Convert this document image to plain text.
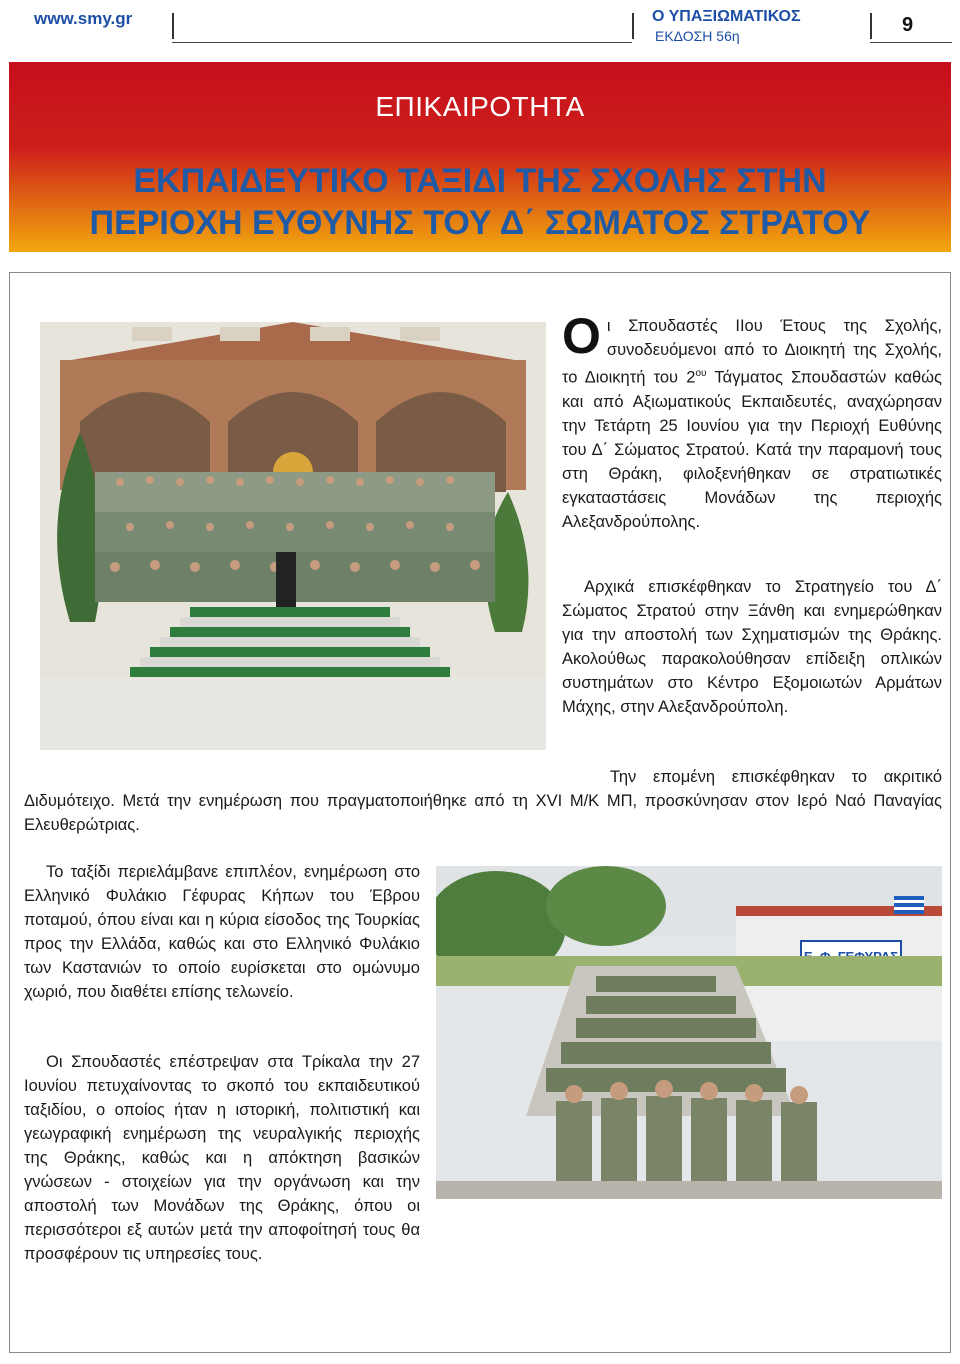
www.smy.gr	Ο ΥΠΑΞΙΩΜΑΤΙΚΟΣ
ΕΚΔΟΣΗ 56η	9
ΕΠΙΚΑΙΡΟΤΗΤΑ
ΕΚΠΑΙΔΕΥΤΙΚΟ ΤΑΞΙΔΙ ΤΗΣ ΣΧΟΛΗΣ ΣΤΗΝ
ΠΕΡΙΟΧΗ ΕΥΘΥΝΗΣ ΤΟΥ Δ΄ ΣΩΜΑΤΟΣ ΣΤΡΑΤΟΥ

Οι Σπουδαστές ΙΙου Έτους της Σχολής, συνοδευόμενοι από το Διοικητή της Σχολής, το Διοικητή του $2^{o\upsilon}$ Τάγματος Σπουδαστών καθώς και από Αξιωματικούς Εκπαιδευτές, αναχώρησαν την Τετάρτη 25 Ιουνίου για την Περιοχή Ευθύνης του Δ΄ Σώματος Στρατού. Κατά την παραμονή τους στη Θράκη, φιλοξενήθηκαν σε στρατιωτικές εγκαταστάσεις Μονάδων της περιοχής Αλεξανδρούπολης.

Αρχικά επισκέφθηκαν το Στρατηγείο του Δ΄ Σώματος Στρατού στην Ξάνθη και ενημερώθηκαν για την αποστολή των Σχηματισμών της Θράκης. Ακολούθως παρακολούθησαν επίδειξη οπλικών συστημάτων στο Κέντρο Εξομοιωτών Αρμάτων Μάχης, στην Αλεξανδρούπολη.
Την επομένη επισκέφθηκαν το ακριτικό Διδυμότειχο. Μετά την ενημέρωση που πραγματοποιήθηκε από τη XVI Μ/Κ ΜΠ, προσκύνησαν στον Ιερό Ναό Παναγίας Ελευθερώτριας.
Το ταξίδι περιελάμβανε επιπλέον, ενημέρωση στο Ελληνικό Φυλάκιο Γέφυρας Κήπων του Έβρου ποταμού, όπου είναι και η κύρια είσοδος της Τουρκίας προς την Ελλάδα, καθώς και στο Ελληνικό Φυλάκιο των Καστανιών το οποίο ευρίσκεται στο ομώνυμο χωριό, που διαθέτει επίσης τελωνείο.
Οι Σπουδαστές επέστρεψαν στα Τρίκαλα την 27 Ιουνίου πετυχαίνοντας το σκοπό του εκπαιδευτικού ταξιδίου, ο οποίος ήταν η ιστορική, πολιτιστική και γεωγραφική ενημέρωση της νευραλγικής περιοχής της Θράκης, καθώς και η απόκτηση βασικών γνώσεων - στοιχείων για την οργάνωση και την αποστολή των Μονάδων της Θράκης, όπου οι περισσότεροι εξ αυτών μετά την αποφοίτησή τους θα προσφέρουν τις υπηρεσίες τους.
